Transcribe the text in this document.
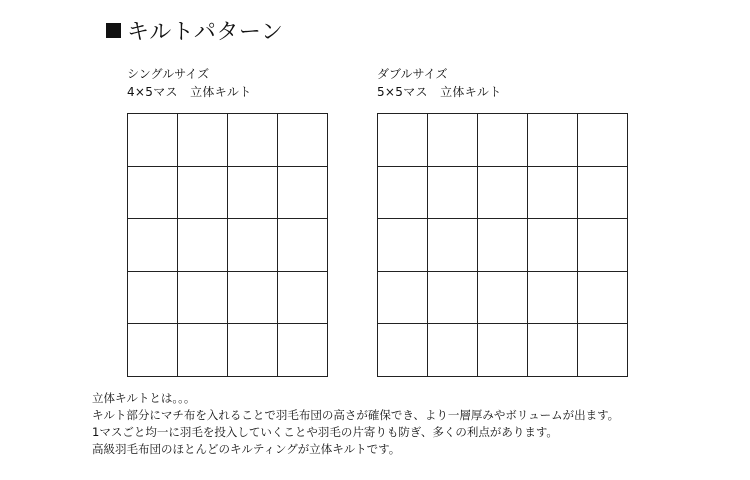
キルトパターン
シングルサイズ
4×5マス　立体キルト
ダブルサイズ
5×5マス　立体キルト
立体キルトとは。。。
キルト部分にマチ布を入れることで羽毛布団の高さが確保でき、より一層厚みやボリュームが出ます。
1マスごと均一に羽毛を投入していくことや羽毛の片寄りも防ぎ、多くの利点があります。
高級羽毛布団のほとんどのキルティングが立体キルトです。
